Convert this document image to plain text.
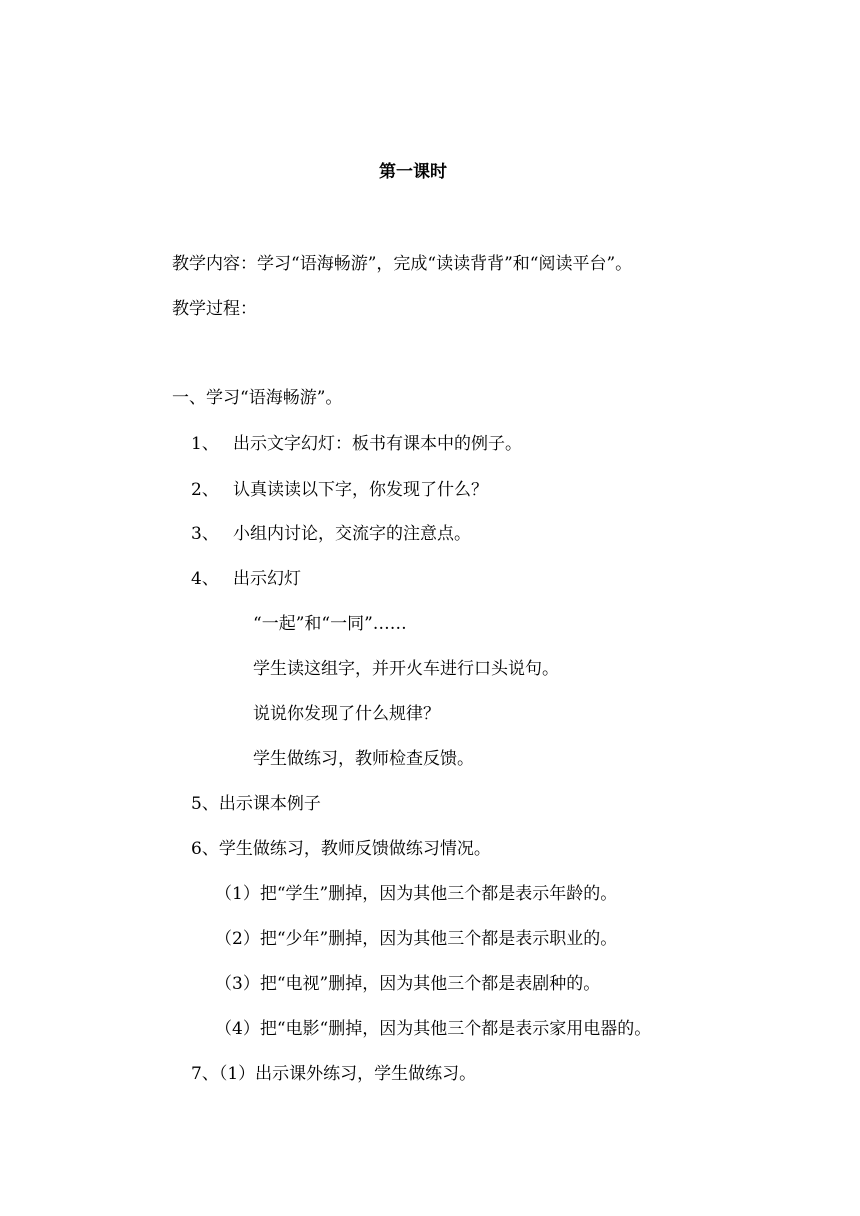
第一课时
教学内容：学习“语海畅游”，完成“读读背背”和“阅读平台”。
教学过程：
一、学习“语海畅游”。
1、 出示文字幻灯：板书有课本中的例子。
2、 认真读读以下字，你发现了什么？
3、 小组内讨论，交流字的注意点。
4、 出示幻灯
“一起”和“一同”……
学生读这组字，并开火车进行口头说句。
说说你发现了什么规律？
学生做练习，教师检查反馈。
5、出示课本例子
6、学生做练习，教师反馈做练习情况。
（1）把“学生”删掉，因为其他三个都是表示年龄的。
（2）把“少年”删掉，因为其他三个都是表示职业的。
（3）把“电视”删掉，因为其他三个都是表剧种的。
（4）把“电影“删掉，因为其他三个都是表示家用电器的。
7、（1）出示课外练习，学生做练习。
